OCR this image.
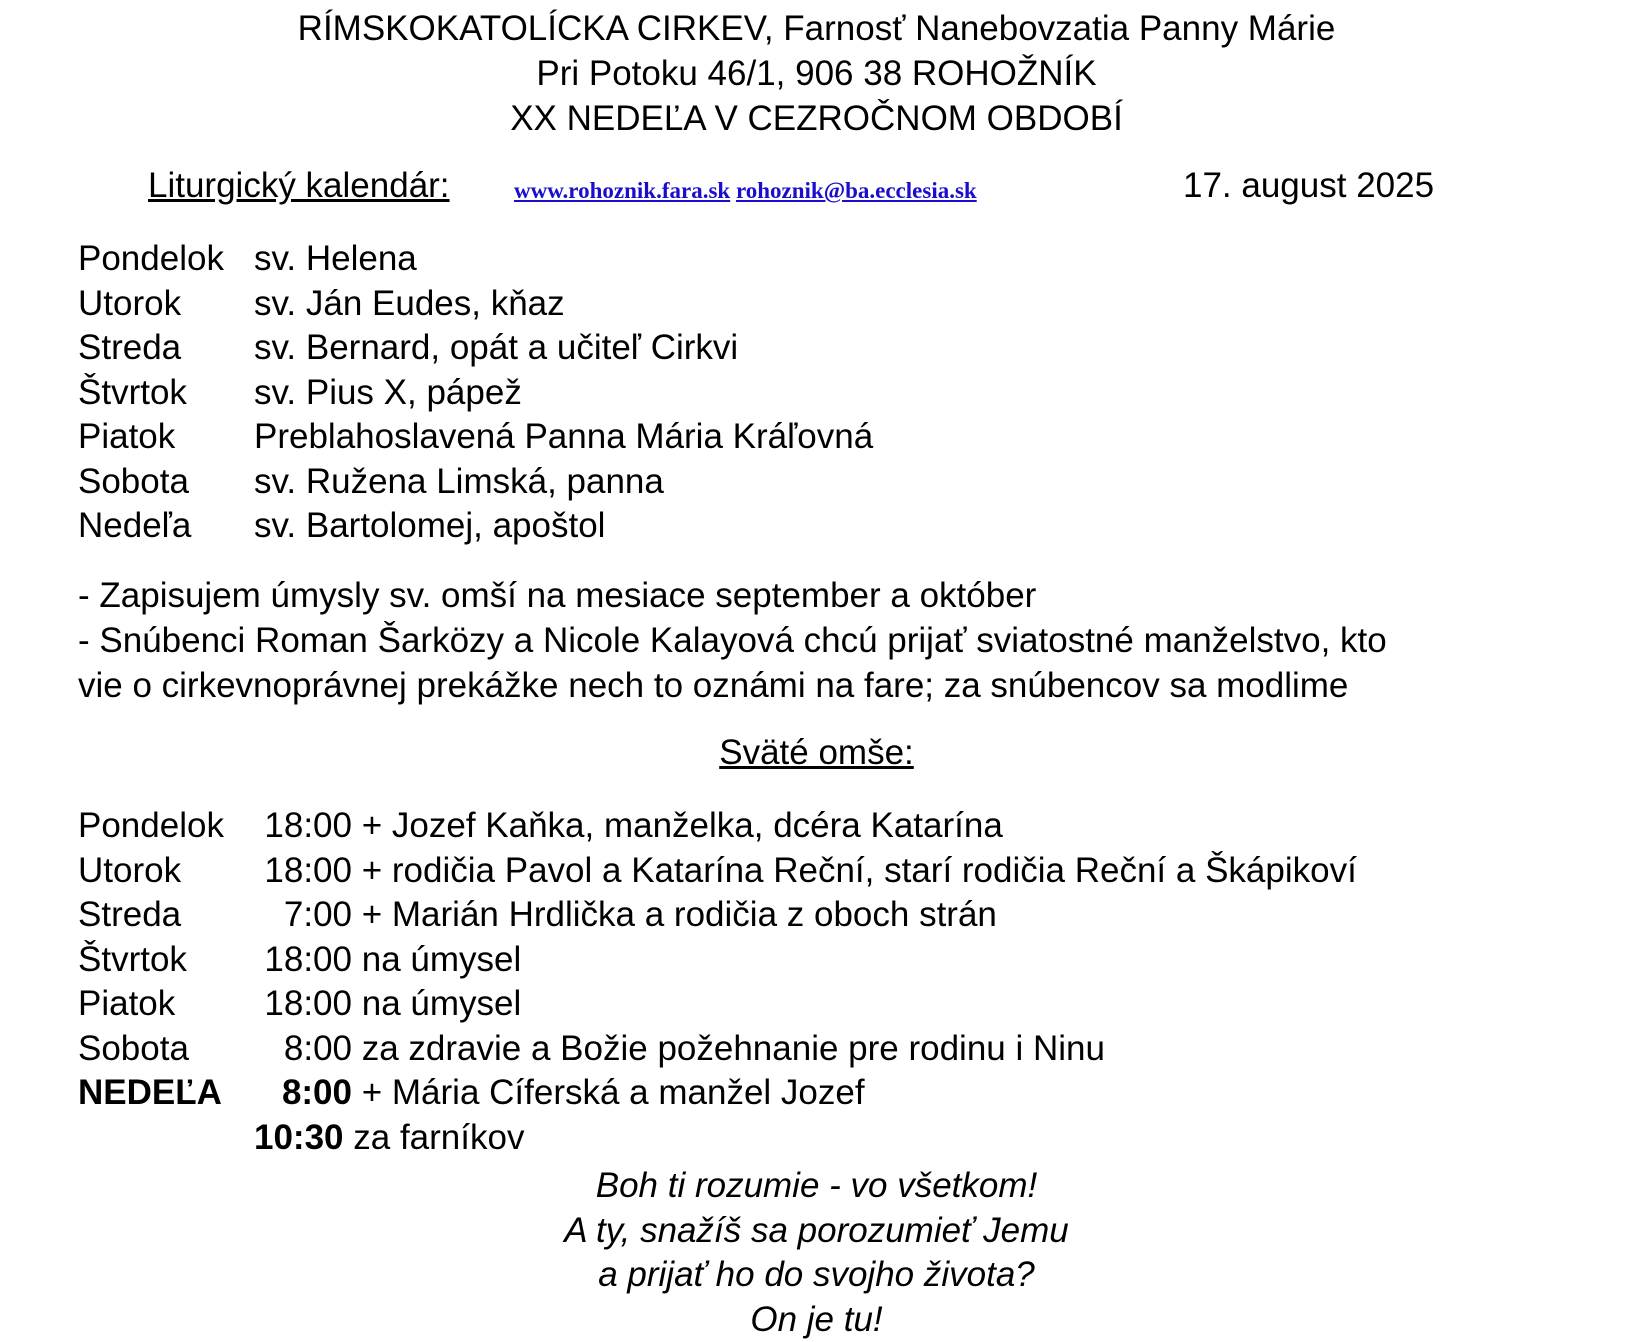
RÍMSKOKATOLÍCKA CIRKEV, Farnosť Nanebovzatia Panny Márie
Pri Potoku 46/1, 906 38 ROHOŽNÍK
XX NEDEĽA V CEZROČNOM OBDOBÍ
Liturgický kalendár:	www.rohoznik.fara.sk rohoznik@ba.ecclesia.sk	17. august 2025
Pondelok sv. Helena
Utorok sv. Ján Eudes, kňaz
Streda sv. Bernard, opát a učiteľ Cirkvi
Štvrtok sv. Pius X, pápež
Piatok Preblahoslavená Panna Mária Kráľovná
Sobota sv. Ružena Limská, panna
Nedeľa sv. Bartolomej, apoštol
- Zapisujem úmysly sv. omší na mesiace september a október
- Snúbenci Roman Šarközy a Nicole Kalayová chcú prijať sviatostné manželstvo, kto
vie o cirkevnoprávnej prekážke nech to oznámi na fare; za snúbencov sa modlime
Sväté omše:
Pondelok 18:00 + Jozef Kaňka, manželka, dcéra Katarína
Utorok 18:00 + rodičia Pavol a Katarína Reční, starí rodičia Reční a Škápikoví
Streda	7:00 + Marián Hrdlička a rodičia z oboch strán
Štvrtok 18:00 na úmysel
Piatok	18:00 na úmysel
Sobota	8:00 za zdravie a Božie požehnanie pre rodinu i Ninu
NEDEĽA	8:00 + Mária Cíferská a manžel Jozef
10:30 za farníkov
Boh ti rozumie - vo všetkom!
A ty, snažíš sa porozumieť Jemu
a prijať ho do svojho života?
On je tu!
